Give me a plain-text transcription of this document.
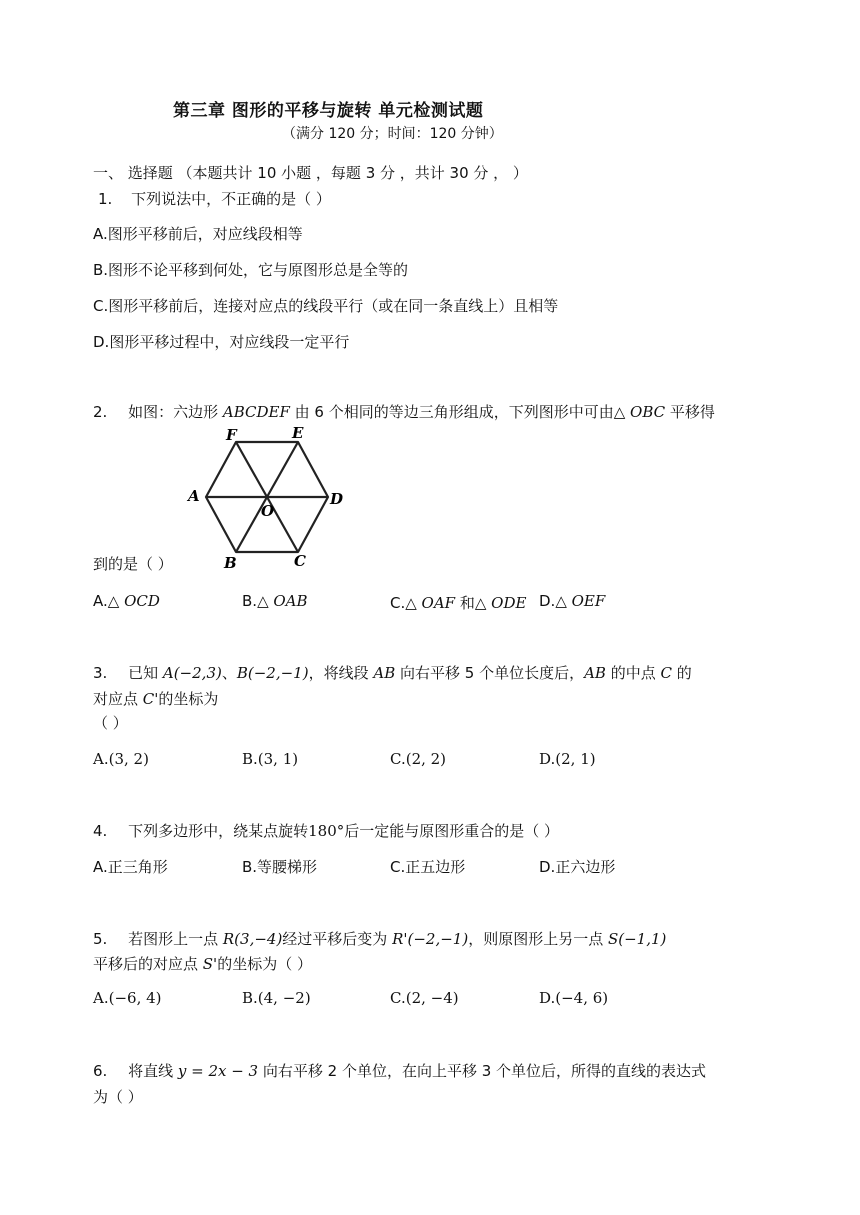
第三章 图形的平移与旋转 单元检测试题
（满分 120 分；时间：120 分钟）
一、 选择题 （本题共计 10 小题 ，每题 3 分 ，共计 30 分 ， ）
1. 下列说法中，不正确的是（ ）
A.图形平移前后，对应线段相等
B.图形不论平移到何处，它与原图形总是全等的
C.图形平移前后，连接对应点的线段平行（或在同一条直线上）且相等
D.图形平移过程中，对应线段一定平行
2. 如图：六边形 ABCDEF 由 6 个相同的等边三角形组成，下列图形中可由△ OBC 平移得
F	E
A	D
O
B	C
到的是（ ）
A.△ OCD	B.△ OAB	C.△ OAF 和△ ODE D.△ OEF
3. 已知 A(−2,3)、B(−2,−1)，将线段 AB 向右平移 5 个单位长度后，AB 的中点 C 的
对应点 C'的坐标为
（ ）
A.(3, 2)	B.(3, 1)	C.(2, 2)	D.(2, 1)
4. 下列多边形中，绕某点旋转180°后一定能与原图形重合的是（ ）
A.正三角形	B.等腰梯形	C.正五边形	D.正六边形
5. 若图形上一点 R(3,−4)经过平移后变为 R'(−2,−1)，则原图形上另一点 S(−1,1)
平移后的对应点 S'的坐标为（ ）
A.(−6, 4)	B.(4, −2)	C.(2, −4)	D.(−4, 6)
6. 将直线 y = 2x − 3 向右平移 2 个单位，在向上平移 3 个单位后，所得的直线的表达式
为（ ）
